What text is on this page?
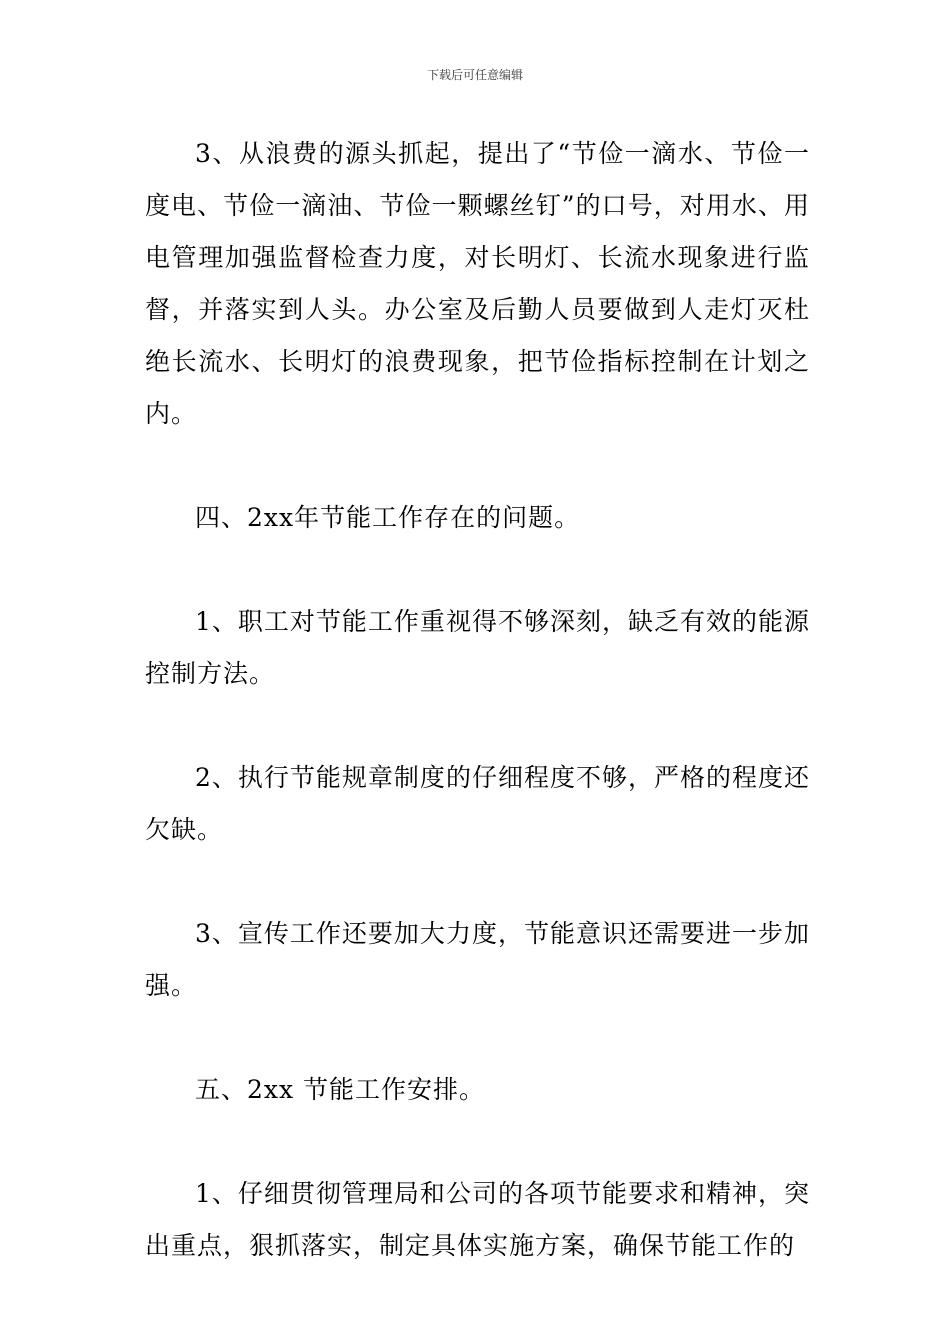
下载后可任意编辑

3、从浪费的源头抓起，提出了“节俭一滴水、节俭一度电、节俭一滴油、节俭一颗螺丝钉”的口号，对用水、用电管理加强监督检查力度，对长明灯、长流水现象进行监督，并落实到人头。办公室及后勤人员要做到人走灯灭杜绝长流水、长明灯的浪费现象，把节俭指标控制在计划之内。

四、2xx年节能工作存在的问题。

1、职工对节能工作重视得不够深刻，缺乏有效的能源控制方法。

2、执行节能规章制度的仔细程度不够，严格的程度还欠缺。

3、宣传工作还要加大力度，节能意识还需要进一步加强。

五、2xx 节能工作安排。

1、仔细贯彻管理局和公司的各项节能要求和精神，突出重点，狠抓落实，制定具体实施方案，确保节能工作的
